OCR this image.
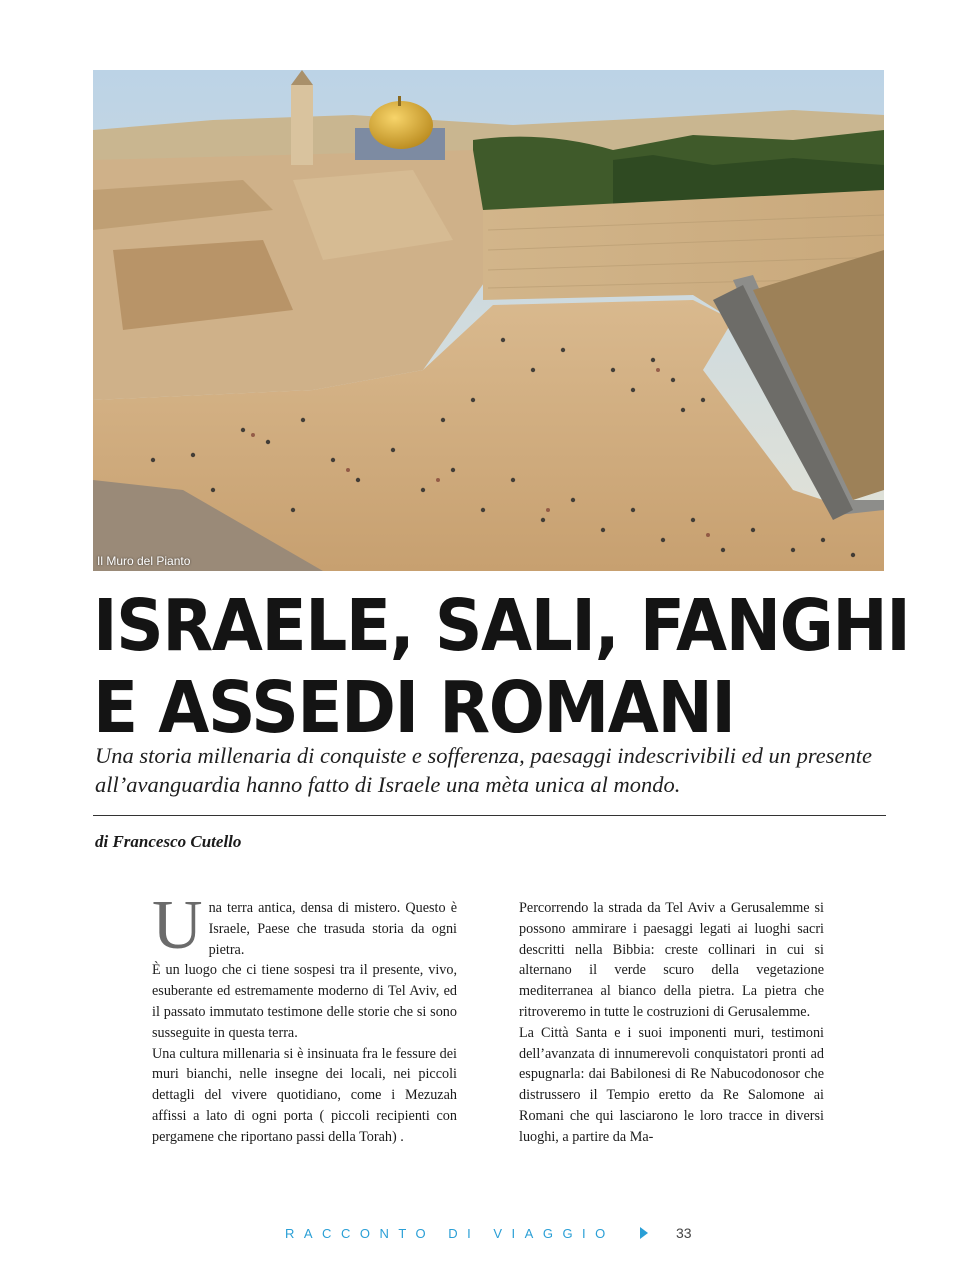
Il Muro del Pianto
ISRAELE, SALI, FANGHI
E ASSEDI ROMANI

Una storia millenaria di conquiste e sofferenza, paesaggi indescrivibili ed un presente all’avanguardia hanno fatto di Israele una mèta unica al mondo.

di Francesco Cutello
U na terra antica, densa di mistero. Questo è Israele, Paese che trasuda storia da ogni pietra.

È un luogo che ci tiene sospesi tra il presente, vivo, esuberante ed estremamente moderno di Tel Aviv, ed il passato immutato testimone delle storie che si sono susseguite in questa terra.

Una cultura millenaria si è insinuata fra le fessure dei muri bianchi, nelle insegne dei locali, nei piccoli dettagli del vivere quotidiano, come i Mezuzah affissi a lato di ogni porta ( piccoli recipienti con pergamene che riportano passi della Torah) .

Percorrendo la strada da Tel Aviv a Gerusalemme si possono ammirare i paesaggi legati ai luoghi sacri descritti nella Bibbia: creste collinari in cui si alternano il verde scuro della vegetazione mediterranea al bianco della pietra. La pietra che ritroveremo in tutte le costruzioni di Gerusalemme.

La Città Santa e i suoi imponenti muri, testimoni dell’avanzata di innumerevoli conquistatori pronti ad espugnarla: dai Babilonesi di Re Nabucodonosor che distrussero il Tempio eretto da Re Salomone ai Romani che qui lasciarono le loro tracce in diversi luoghi, a partire da Ma-

RACCONTO DI VIAGGIO	33
